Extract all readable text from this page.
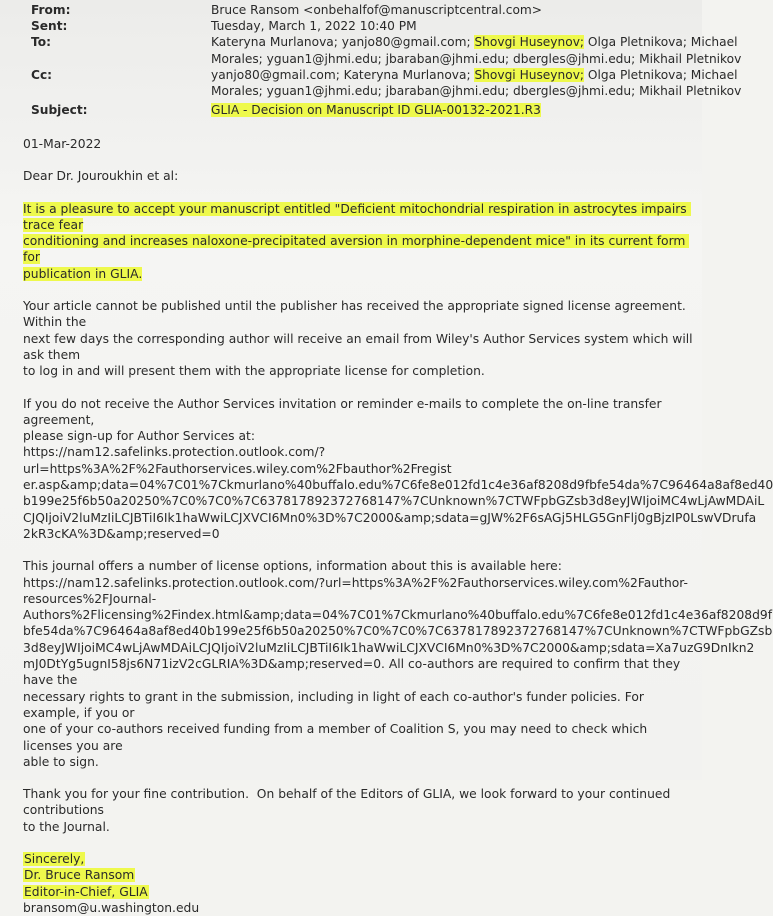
From:	Bruce Ransom <onbehalfof@manuscriptcentral.com>
Sent:	Tuesday, March 1, 2022 10:40 PM
To:	Kateryna Murlanova; yanjo80@gmail.com; Shovgi Huseynov; Olga Pletnikova; Michael
Morales; yguan1@jhmi.edu; jbaraban@jhmi.edu; dbergles@jhmi.edu; Mikhail Pletnikov
Cc:	yanjo80@gmail.com; Kateryna Murlanova; Shovgi Huseynov; Olga Pletnikova; Michael
Morales; yguan1@jhmi.edu; jbaraban@jhmi.edu; dbergles@jhmi.edu; Mikhail Pletnikov
Subject:	GLIA - Decision on Manuscript ID GLIA-00132-2021.R3

01-Mar-2022

Dear Dr. Jouroukhin et al:

It is a pleasure to accept your manuscript entitled "Deficient mitochondrial respiration in astrocytes impairs trace fear

conditioning and increases naloxone-precipitated aversion in morphine-dependent mice" in its current form for

publication in GLIA.

Your article cannot be published until the publisher has received the appropriate signed license agreement. Within the

next few days the corresponding author will receive an email from Wiley's Author Services system which will ask them

to log in and will present them with the appropriate license for completion.

If you do not receive the Author Services invitation or reminder e-mails to complete the on-line transfer agreement,

please sign-up for Author Services at:

https://nam12.safelinks.protection.outlook.com/?url=https%3A%2F%2Fauthorservices.wiley.com%2Fbauthor%2Fregist

er.asp&amp;data=04%7C01%7Ckmurlano%40buffalo.edu%7C6fe8e012fd1c4e36af8208d9fbfe54da%7C96464a8af8ed40

b199e25f6b50a20250%7C0%7C0%7C637817892372768147%7CUnknown%7CTWFpbGZsb3d8eyJWIjoiMC4wLjAwMDAiL

CJQIjoiV2luMzIiLCJBTiI6Ik1haWwiLCJXVCI6Mn0%3D%7C2000&amp;sdata=gJW%2F6sAGj5HLG5GnFlj0gBjzIP0LswVDrufa

2kR3cKA%3D&amp;reserved=0

This journal offers a number of license options, information about this is available here:

https://nam12.safelinks.protection.outlook.com/?url=https%3A%2F%2Fauthorservices.wiley.com%2Fauthor-

resources%2FJournal-

Authors%2Flicensing%2Findex.html&amp;data=04%7C01%7Ckmurlano%40buffalo.edu%7C6fe8e012fd1c4e36af8208d9f

bfe54da%7C96464a8af8ed40b199e25f6b50a20250%7C0%7C0%7C637817892372768147%7CUnknown%7CTWFpbGZsb

3d8eyJWIjoiMC4wLjAwMDAiLCJQIjoiV2luMzIiLCJBTiI6Ik1haWwiLCJXVCI6Mn0%3D%7C2000&amp;sdata=Xa7uzG9DnIkn2

mJ0DtYg5ugnI58js6N71izV2cGLRIA%3D&amp;reserved=0. All co-authors are required to confirm that they have the

necessary rights to grant in the submission, including in light of each co-author's funder policies. For example, if you or

one of your co-authors received funding from a member of Coalition S, you may need to check which licenses you are

able to sign.

Thank you for your fine contribution.  On behalf of the Editors of GLIA, we look forward to your continued contributions

to the Journal.

Sincerely,

Dr. Bruce Ransom

Editor-in-Chief, GLIA

bransom@u.washington.edu
